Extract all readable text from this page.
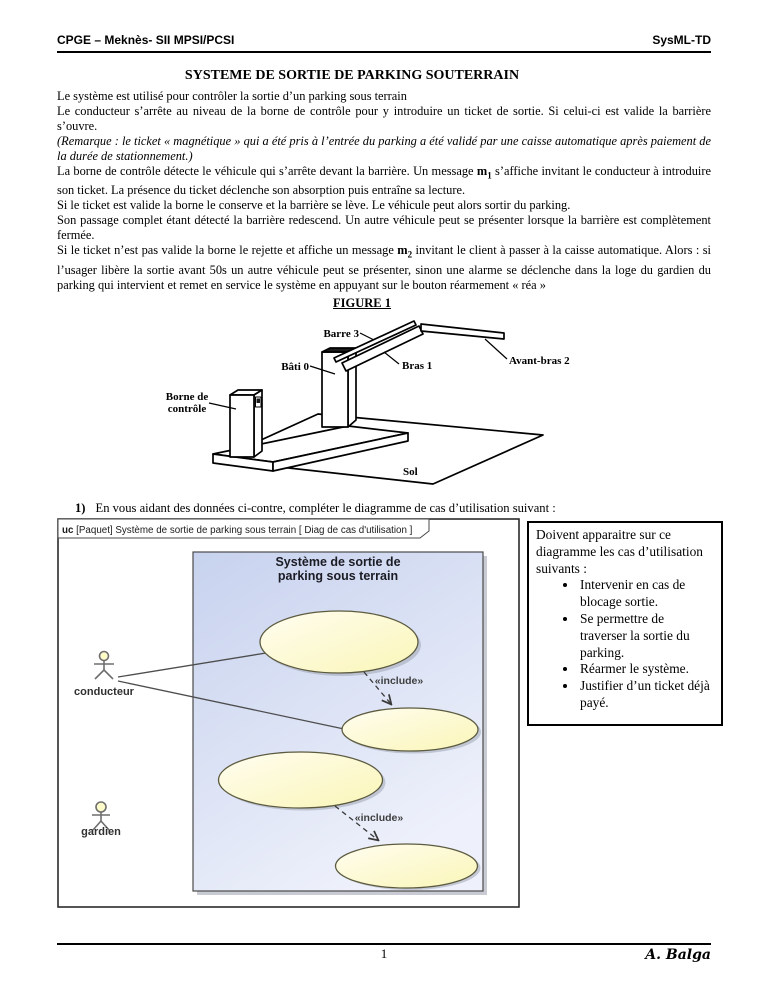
CPGE – Meknès- SII MPSI/PCSI	SysML-TD
SYSTEME DE SORTIE DE PARKING SOUTERRAIN

Le système est utilisé pour contrôler la sortie d’un parking sous terrain

Le conducteur s’arrête au niveau de la borne de contrôle pour y introduire un ticket de sortie. Si celui-ci est valide la barrière s’ouvre.

(Remarque : le ticket « magnétique » qui a été pris à l’entrée du parking a été validé par une caisse automatique après paiement de la durée de stationnement.)

La borne de contrôle détecte le véhicule qui s’arrête devant la barrière. Un message $m_1$ s’affiche invitant le conducteur à introduire son ticket. La présence du ticket déclenche son absorption puis entraîne sa lecture.

Si le ticket est valide la borne le conserve et la barrière se lève. Le véhicule peut alors sortir du parking.

Son passage complet étant détecté la barrière redescend. Un autre véhicule peut se présenter lorsque la barrière est complètement fermée.

Si le ticket n’est pas valide la borne le rejette et affiche un message $m_2$ invitant le client à passer à la caisse automatique. Alors : si l’usager libère la sortie avant 50s un autre véhicule peut se présenter, sinon une alarme se déclenche dans la loge du gardien du parking qui intervient et remet en service le système en appuyant sur le bouton réarmement « réa »

FIGURE 1
Barre 3
Bâti 0	Bras 1	Avant-bras 2
Borne de
contrôle
Sol
1) En vous aidant des données ci-contre, compléter le diagramme de cas d’utilisation suivant :
uc [Paquet] Système de sortie de parking sous terrain [ Diag de cas d'utilisation ]
Système de sortie de
parking sous terrain
«include»
«include»
conducteur
gardien
Doivent apparaitre sur ce diagramme les cas d’utilisation suivants :
• Intervenir en cas de blocage sortie.
• Se permettre de traverser la sortie du parking.
• Réarmer le système.
• Justifier d’un ticket déjà payé.
1	A. Balga
